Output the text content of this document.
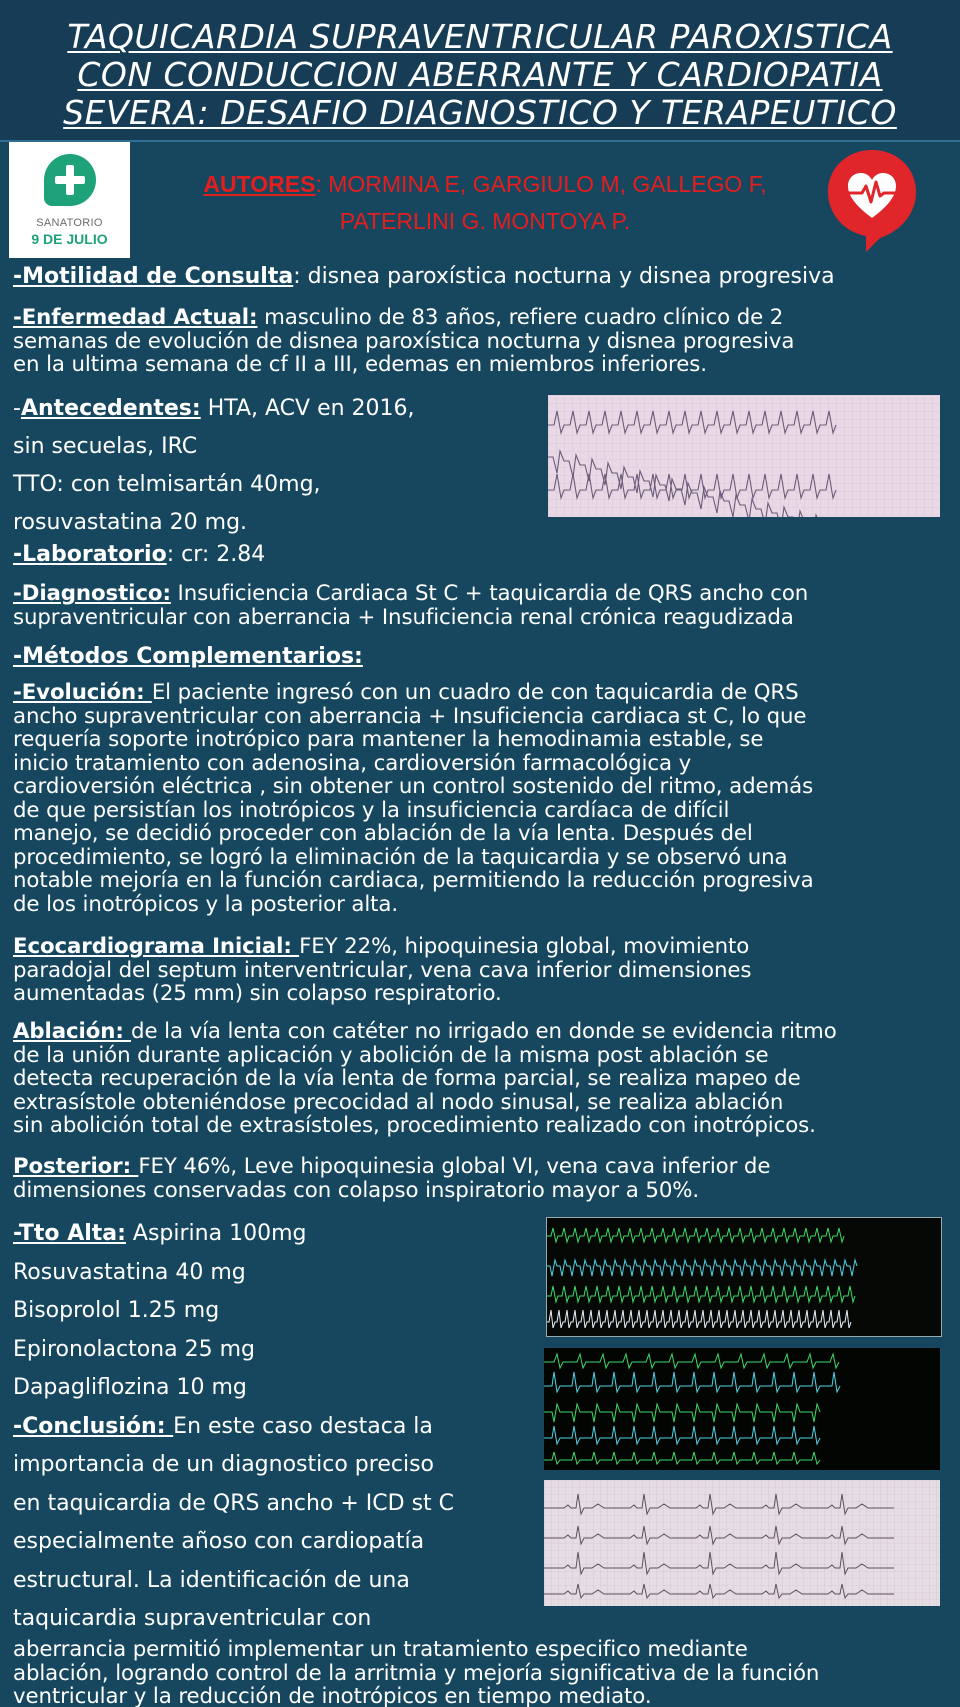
TAQUICARDIA SUPRAVENTRICULAR PAROXISTICA
CON CONDUCCION ABERRANTE Y CARDIOPATIA
SEVERA: DESAFIO DIAGNOSTICO Y TERAPEUTICO
SANATORIO
9 DE JULIO
AUTORES: MORMINA E, GARGIULO M, GALLEGO F,
PATERLINI G. MONTOYA P.
-Motilidad de Consulta: disnea paroxística nocturna y disnea progresiva
-Enfermedad Actual: masculino de 83 años, refiere cuadro clínico de 2
semanas de evolución de disnea paroxística nocturna y disnea progresiva
en la ultima semana de cf II a III, edemas en miembros inferiores.
-Antecedentes: HTA, ACV en 2016,
sin secuelas, IRC
TTO: con telmisartán 40mg,
rosuvastatina 20 mg.
-Laboratorio: cr: 2.84
-Diagnostico: Insuficiencia Cardiaca St C + taquicardia de QRS ancho con
supraventricular con aberrancia + Insuficiencia renal crónica reagudizada
-Métodos Complementarios:
-Evolución: El paciente ingresó con un cuadro de con taquicardia de QRS
ancho supraventricular con aberrancia + Insuficiencia cardiaca st C, lo que
requería soporte inotrópico para mantener la hemodinamia estable, se
inicio tratamiento con adenosina, cardioversión farmacológica y
cardioversión eléctrica , sin obtener un control sostenido del ritmo, además
de que persistían los inotrópicos y la insuficiencia cardíaca de difícil
manejo, se decidió proceder con ablación de la vía lenta. Después del
procedimiento, se logró la eliminación de la taquicardia y se observó una
notable mejoría en la función cardiaca, permitiendo la reducción progresiva
de los inotrópicos y la posterior alta.
Ecocardiograma Inicial: FEY 22%, hipoquinesia global, movimiento
paradojal del septum interventricular, vena cava inferior dimensiones
aumentadas (25 mm) sin colapso respiratorio.
Ablación: de la vía lenta con catéter no irrigado en donde se evidencia ritmo
de la unión durante aplicación y abolición de la misma post ablación se
detecta recuperación de la vía lenta de forma parcial, se realiza mapeo de
extrasístole obteniéndose precocidad al nodo sinusal, se realiza ablación
sin abolición total de extrasístoles, procedimiento realizado con inotrópicos.
Posterior: FEY 46%, Leve hipoquinesia global VI, vena cava inferior de
dimensiones conservadas con colapso inspiratorio mayor a 50%.
-Tto Alta: Aspirina 100mg
Rosuvastatina 40 mg
Bisoprolol 1.25 mg
Epironolactona 25 mg
Dapagliflozina 10 mg
-Conclusión: En este caso destaca la
importancia de un diagnostico preciso
en taquicardia de QRS ancho + ICD st C
especialmente añoso con cardiopatía
estructural. La identificación de una
taquicardia supraventricular con
aberrancia permitió implementar un tratamiento especifico mediante
ablación, logrando control de la arritmia y mejoría significativa de la función
ventricular y la reducción de inotrópicos en tiempo mediato.
